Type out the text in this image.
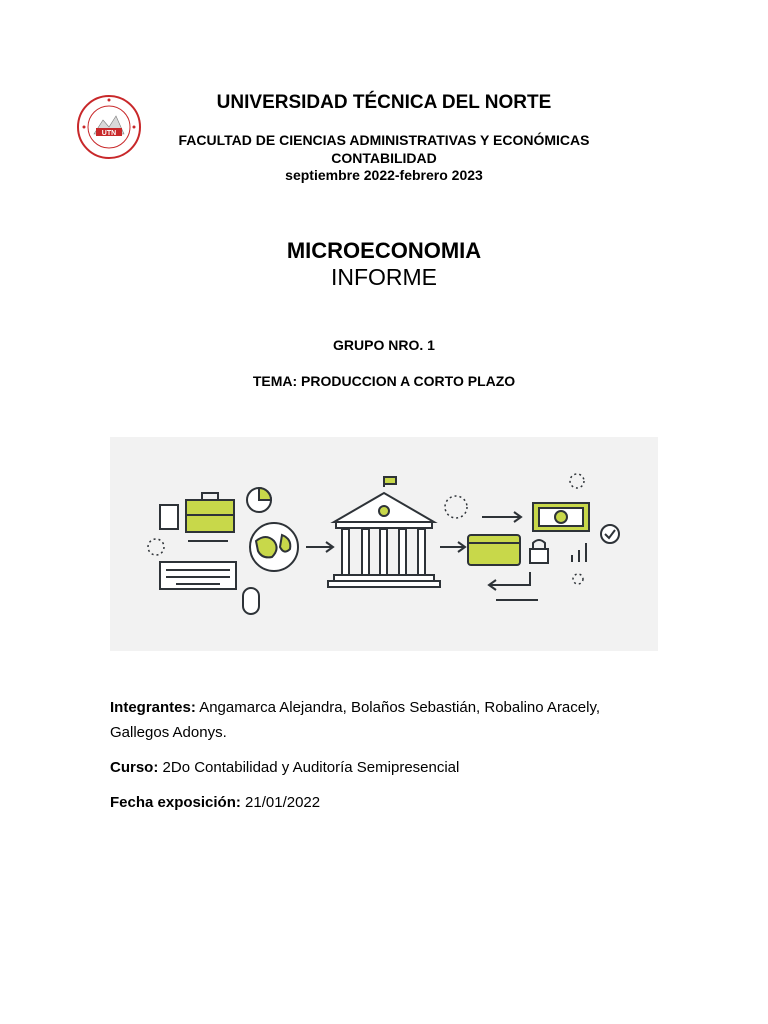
UTN
UNIVERSIDAD TÉCNICA DEL NORTE
FACULTAD DE CIENCIAS ADMINISTRATIVAS Y ECONÓMICAS
CONTABILIDAD
septiembre 2022-febrero 2023
MICROECONOMIA
INFORME
GRUPO NRO. 1
TEMA: PRODUCCION A CORTO PLAZO
Integrantes: Angamarca Alejandra, Bolaños Sebastián, Robalino Aracely, Gallegos Adonys.
Curso: 2Do Contabilidad y Auditoría Semipresencial
Fecha exposición: 21/01/2022
